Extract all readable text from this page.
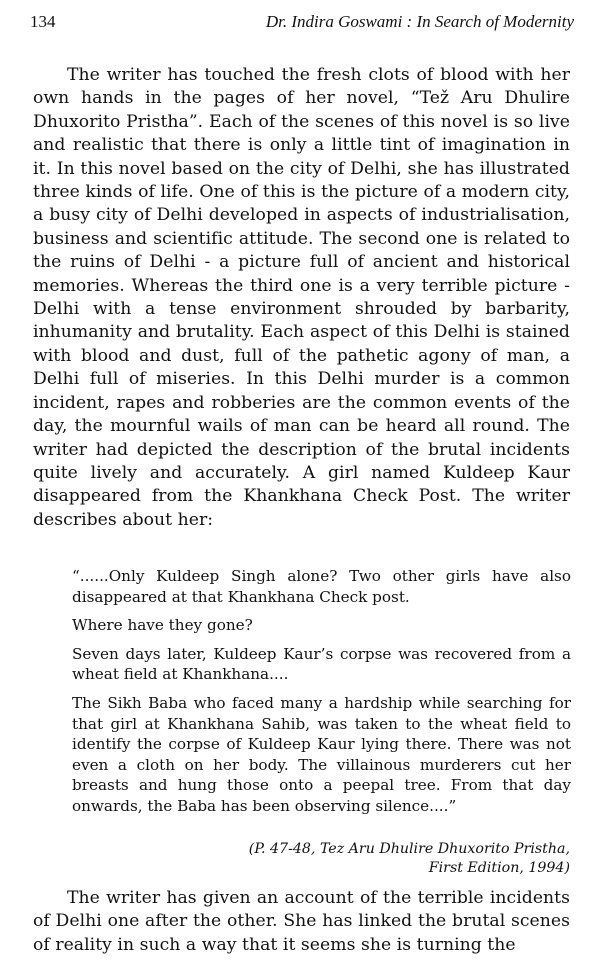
134	Dr. Indira Goswami : In Search of Modernity

The writer has touched the fresh clots of blood with her own hands in the pages of her novel, “Tež Aru Dhulire Dhuxorito Pristha”. Each of the scenes of this novel is so live and realistic that there is only a little tint of imagination in it. In this novel based on the city of Delhi, she has illustrated three kinds of life. One of this is the picture of a modern city, a busy city of Delhi developed in aspects of industrialisation, business and scientific attitude. The second one is related to the ruins of Delhi - a picture full of ancient and historical memories. Whereas the third one is a very terrible picture - Delhi with a tense environment shrouded by barbarity, inhumanity and brutality. Each aspect of this Delhi is stained with blood and dust, full of the pathetic agony of man, a Delhi full of miseries. In this Delhi murder is a common incident, rapes and robberies are the common events of the day, the mournful wails of man can be heard all round. The writer had depicted the description of the brutal incidents quite lively and accurately. A girl named Kuldeep Kaur disappeared from the Khankhana Check Post. The writer describes about her:

“......Only Kuldeep Singh alone? Two other girls have also disappeared at that Khankhana Check post.

Where have they gone?

Seven days later, Kuldeep Kaur’s corpse was recovered from a wheat field at Khankhana....

The Sikh Baba who faced many a hardship while searching for that girl at Khankhana Sahib, was taken to the wheat field to identify the corpse of Kuldeep Kaur lying there. There was not even a cloth on her body. The villainous murderers cut her breasts and hung those onto a peepal tree. From that day onwards, the Baba has been observing silence....”

(P. 47-48, Tez Aru Dhulire Dhuxorito Pristha,
First Edition, 1994)

The writer has given an account of the terrible incidents of Delhi one after the other. She has linked the brutal scenes of reality in such a way that it seems she is turning the
